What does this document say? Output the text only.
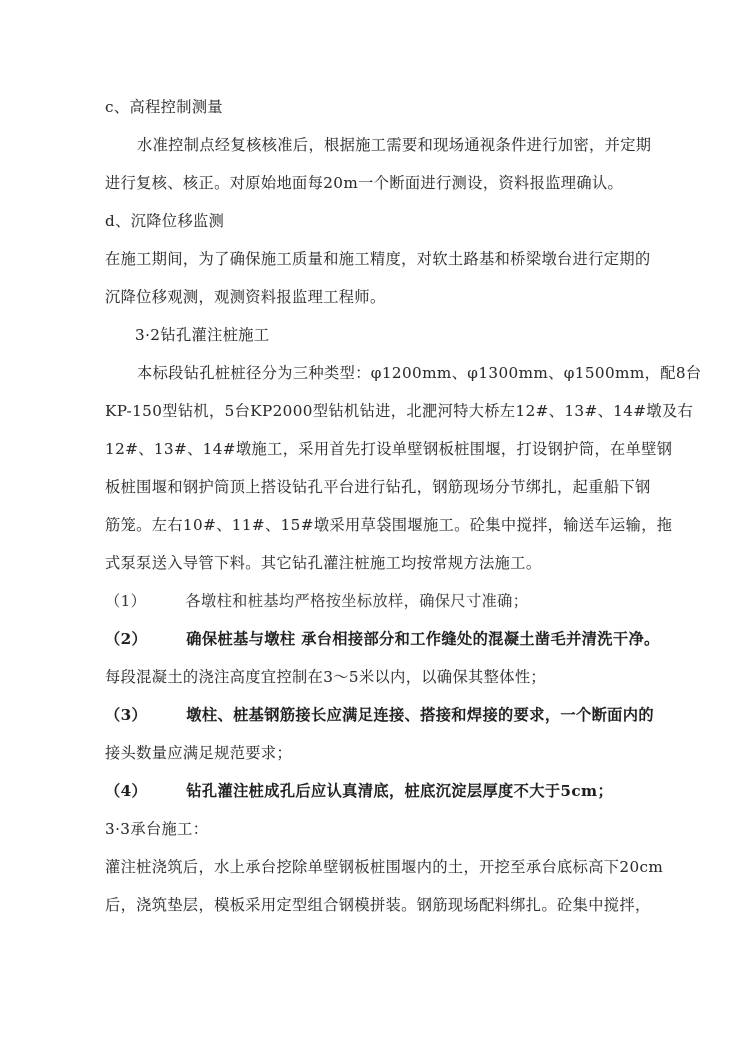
c、高程控制测量
水准控制点经复核核准后，根据施工需要和现场通视条件进行加密，并定期
进行复核、核正。对原始地面每20m一个断面进行测设，资料报监理确认。
d、沉降位移监测
在施工期间，为了确保施工质量和施工精度，对软土路基和桥梁墩台进行定期的
沉降位移观测，观测资料报监理工程师。
3·2钻孔灌注桩施工
本标段钻孔桩桩径分为三种类型：φ1200mm、φ1300mm、φ1500mm，配8台
KP-150型钻机，5台KP2000型钻机钻进，北淝河特大桥左12#、13#、14#墩及右
12#、13#、14#墩施工，采用首先打设单壁钢板桩围堰，打设钢护筒，在单壁钢
板桩围堰和钢护筒顶上搭设钻孔平台进行钻孔，钢筋现场分节绑扎，起重船下钢
筋笼。左右10#、11#、15#墩采用草袋围堰施工。砼集中搅拌，输送车运输，拖
式泵泵送入导管下料。其它钻孔灌注桩施工均按常规方法施工。
（1）　　　各墩柱和桩基均严格按坐标放样，确保尺寸准确；
（2）　　　确保桩基与墩柱 承台相接部分和工作缝处的混凝土凿毛并清洗干净。
每段混凝土的浇注高度宜控制在3～5米以内，以确保其整体性；
（3）　　　墩柱、桩基钢筋接长应满足连接、搭接和焊接的要求，一个断面内的
接头数量应满足规范要求；
（4）　　　钻孔灌注桩成孔后应认真清底，桩底沉淀层厚度不大于5cm；
3·3承台施工：
灌注桩浇筑后，水上承台挖除单壁钢板桩围堰内的土，开挖至承台底标高下20cm
后，浇筑垫层，模板采用定型组合钢模拼装。钢筋现场配料绑扎。砼集中搅拌，
